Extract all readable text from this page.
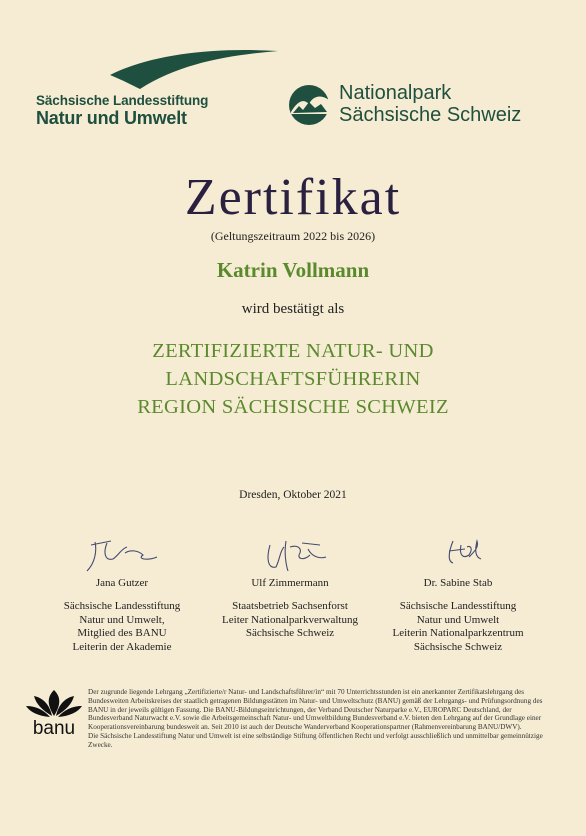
Sächsische Landesstiftung
Natur und Umwelt
Nationalpark
Sächsische Schweiz
Zertifikat
(Geltungszeitraum 2022 bis 2026)
Katrin Vollmann
wird bestätigt als
ZERTIFIZIERTE NATUR- UND
LANDSCHAFTSFÜHRERIN
REGION SÄCHSISCHE SCHWEIZ
Dresden, Oktober 2021
Jana Gutzer
Sächsische Landesstiftung
Natur und Umwelt,
Mitglied des BANU
Leiterin der Akademie
Ulf Zimmermann
Staatsbetrieb Sachsenforst
Leiter Nationalparkverwaltung
Sächsische Schweiz
Dr. Sabine Stab
Sächsische Landesstiftung
Natur und Umwelt
Leiterin Nationalparkzentrum
Sächsische Schweiz
banu
Der zugrunde liegende Lehrgang „Zertifizierte/r Natur- und Landschaftsführer/in“ mit 70 Unterrichtsstunden ist ein anerkannter Zertifikatslehrgang des Bundesweiten Arbeitskreises der staatlich getragenen Bildungsstätten im Natur- und Umweltschutz (BANU) gemäß der Lehrgangs- und Prüfungsordnung des BANU in der jeweils gültigen Fassung. Die BANU-Bildungseinrichtungen, der Verband Deutscher Naturparke e.V., EUROPARC Deutschland, der Bundesverband Naturwacht e.V. sowie die Arbeitsgemeinschaft Natur- und Umweltbildung Bundesverband e.V. bieten den Lehrgang auf der Grundlage einer Kooperationsvereinbarung bundesweit an. Seit 2010 ist auch der Deutsche Wanderverband Kooperationspartner (Rahmenvereinbarung BANU/DWV).
Die Sächsische Landesstiftung Natur und Umwelt ist eine selbständige Stiftung öffentlichen Recht und verfolgt ausschließlich und unmittelbar gemeinnützige Zwecke.
